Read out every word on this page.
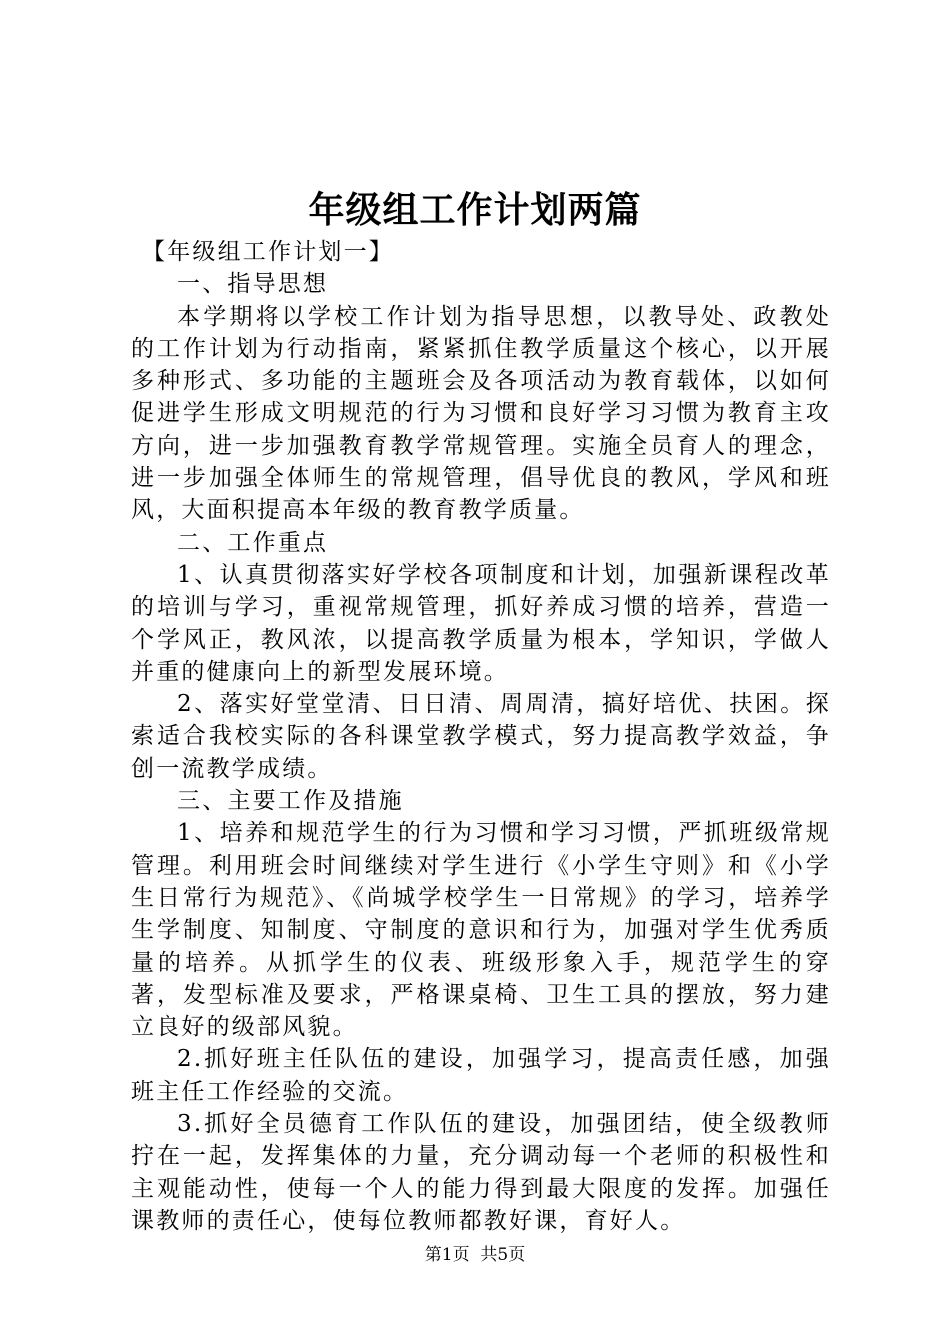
年级组工作计划两篇

【年级组工作计划一】

一、指导思想

本学期将以学校工作计划为指导思想，以教导处、政教处的工作计划为行动指南，紧紧抓住教学质量这个核心，以开展多种形式、多功能的主题班会及各项活动为教育载体，以如何促进学生形成文明规范的行为习惯和良好学习习惯为教育主攻方向，进一步加强教育教学常规管理。实施全员育人的理念，进一步加强全体师生的常规管理，倡导优良的教风，学风和班风，大面积提高本年级的教育教学质量。

二、工作重点

1、认真贯彻落实好学校各项制度和计划，加强新课程改革的培训与学习，重视常规管理，抓好养成习惯的培养，营造一个学风正，教风浓，以提高教学质量为根本，学知识，学做人并重的健康向上的新型发展环境。

2、落实好堂堂清、日日清、周周清，搞好培优、扶困。探索适合我校实际的各科课堂教学模式，努力提高教学效益，争创一流教学成绩。

三、主要工作及措施

1、培养和规范学生的行为习惯和学习习惯，严抓班级常规管理。利用班会时间继续对学生进行《小学生守则》和《小学生日常行为规范》、《尚城学校学生一日常规》的学习，培养学生学制度、知制度、守制度的意识和行为，加强对学生优秀质量的培养。从抓学生的仪表、班级形象入手，规范学生的穿著，发型标准及要求，严格课桌椅、卫生工具的摆放，努力建立良好的级部风貌。

2.抓好班主任队伍的建设，加强学习，提高责任感，加强班主任工作经验的交流。

3.抓好全员德育工作队伍的建设，加强团结，使全级教师拧在一起，发挥集体的力量，充分调动每一个老师的积极性和主观能动性，使每一个人的能力得到最大限度的发挥。加强任课教师的责任心，使每位教师都教好课，育好人。

第1页  共5页
